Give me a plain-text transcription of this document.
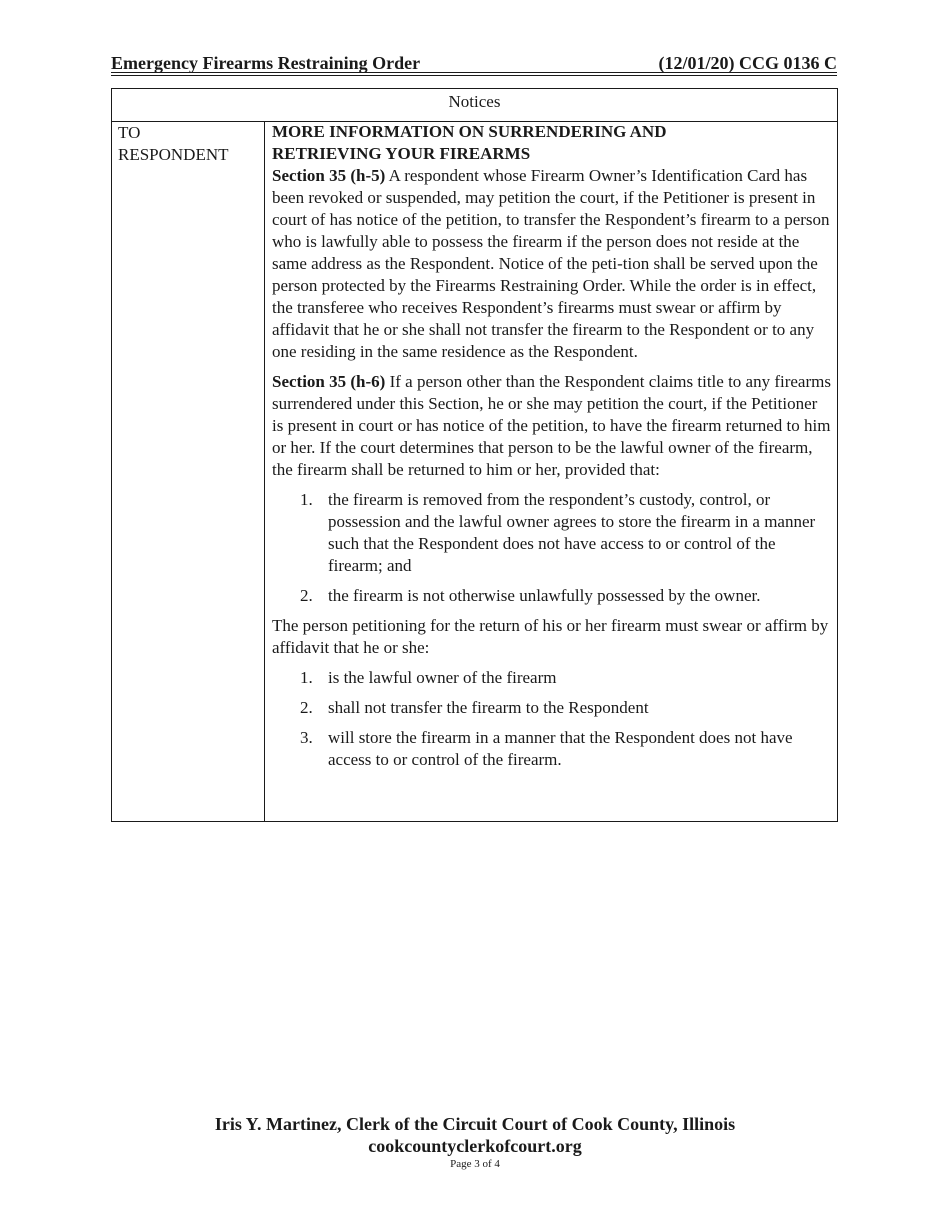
Emergency Firearms Restraining Order	(12/01/20) CCG 0136 C
Notices
TO
RESPONDENT
MORE INFORMATION ON SURRENDERING AND
RETRIEVING YOUR FIREARMS

Section 35 (h-5) A respondent whose Firearm Owner’s Identification Card has been revoked or suspended, may petition the court, if the Petitioner is present in court of has notice of the petition, to transfer the Respondent’s firearm to a person who is lawfully able to possess the firearm if the person does not reside at the same address as the Respondent. Notice of the peti-tion shall be served upon the person protected by the Firearms Restraining Order. While the order is in effect, the transferee who receives Respondent’s firearms must swear or affirm by affidavit that he or she shall not transfer the firearm to the Respondent or to any one residing in the same residence as the Respondent.

Section 35 (h-6) If a person other than the Respondent claims title to any firearms surrendered under this Section, he or she may petition the court, if the Petitioner is present in court or has notice of the petition, to have the firearm returned to him or her. If the court determines that person to be the lawful owner of the firearm, the firearm shall be returned to him or her, provided that:

1. the firearm is removed from the respondent’s custody, control, or possession and the lawful owner agrees to store the firearm in a manner such that the Respondent does not have access to or control of the firearm; and
2. the firearm is not otherwise unlawfully possessed by the owner.

The person petitioning for the return of his or her firearm must swear or affirm by affidavit that he or she:

1. is the lawful owner of the firearm
2. shall not transfer the firearm to the Respondent
3. will store the firearm in a manner that the Respondent does not have access to or control of the firearm.
Iris Y. Martinez, Clerk of the Circuit Court of Cook County, Illinois
cookcountyclerkofcourt.org
Page 3 of 4
